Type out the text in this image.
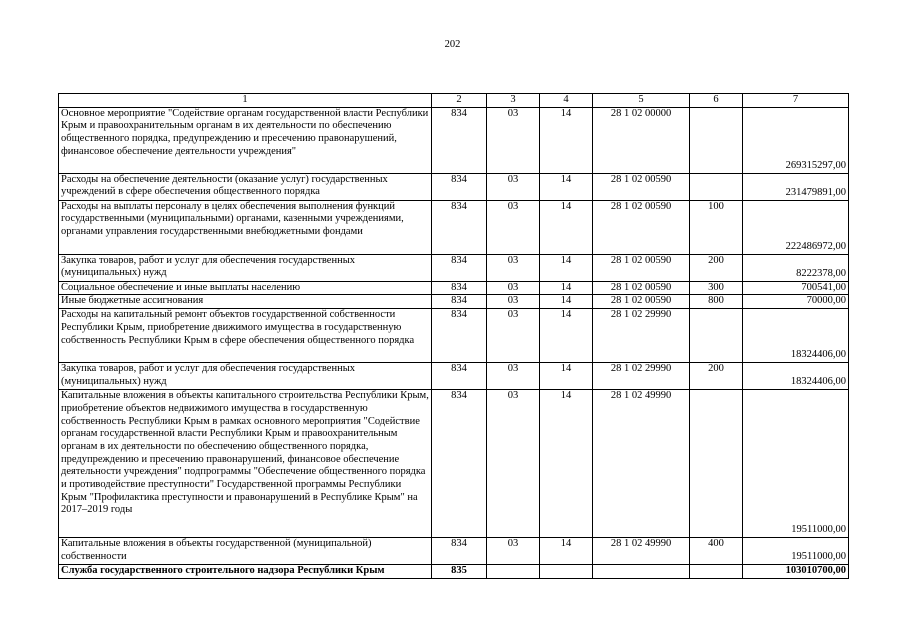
202
1	2	3	4	5	6	7
Основное мероприятие "Содействие органам государственной власти Республики Крым и правоохранительным органам в их деятельности по обеспечению общественного порядка, предупреждению и пресечению правонарушений, финансовое обеспечение деятельности учреждения"	834	03	14	28 1 02 00000		269315297,00
Расходы на обеспечение деятельности (оказание услуг) государственных учреждений в сфере обеспечения общественного порядка	834	03	14	28 1 02 00590		231479891,00
Расходы на выплаты персоналу в целях обеспечения выполнения функций государственными (муниципальными) органами, казенными учреждениями, органами управления государственными внебюджетными фондами	834	03	14	28 1 02 00590	100	222486972,00
Закупка товаров, работ и услуг для обеспечения государственных (муниципальных) нужд	834	03	14	28 1 02 00590	200	8222378,00
Социальное обеспечение и иные выплаты населению	834	03	14	28 1 02 00590	300	700541,00
Иные бюджетные ассигнования	834	03	14	28 1 02 00590	800	70000,00
Расходы на капитальный ремонт объектов государственной собственности Республики Крым, приобретение движимого имущества в государственную собственность Республики Крым в сфере обеспечения общественного порядка	834	03	14	28 1 02 29990		18324406,00
Закупка товаров, работ и услуг для обеспечения государственных (муниципальных) нужд	834	03	14	28 1 02 29990	200	18324406,00
Капитальные вложения в объекты капитального строительства Республики Крым, приобретение объектов недвижимого имущества в государственную собственность Республики Крым в рамках основного мероприятия "Содействие органам государственной власти Республики Крым и правоохранительным органам в их деятельности по обеспечению общественного порядка, предупреждению и пресечению правонарушений, финансовое обеспечение деятельности учреждения" подпрограммы "Обеспечение общественного порядка и противодействие преступности" Государственной программы Республики Крым "Профилактика преступности и правонарушений в Республике Крым" на 2017–2019 годы	834	03	14	28 1 02 49990		19511000,00
Капитальные вложения в объекты государственной (муниципальной) собственности	834	03	14	28 1 02 49990	400	19511000,00
Служба государственного строительного надзора Республики Крым	835					103010700,00
